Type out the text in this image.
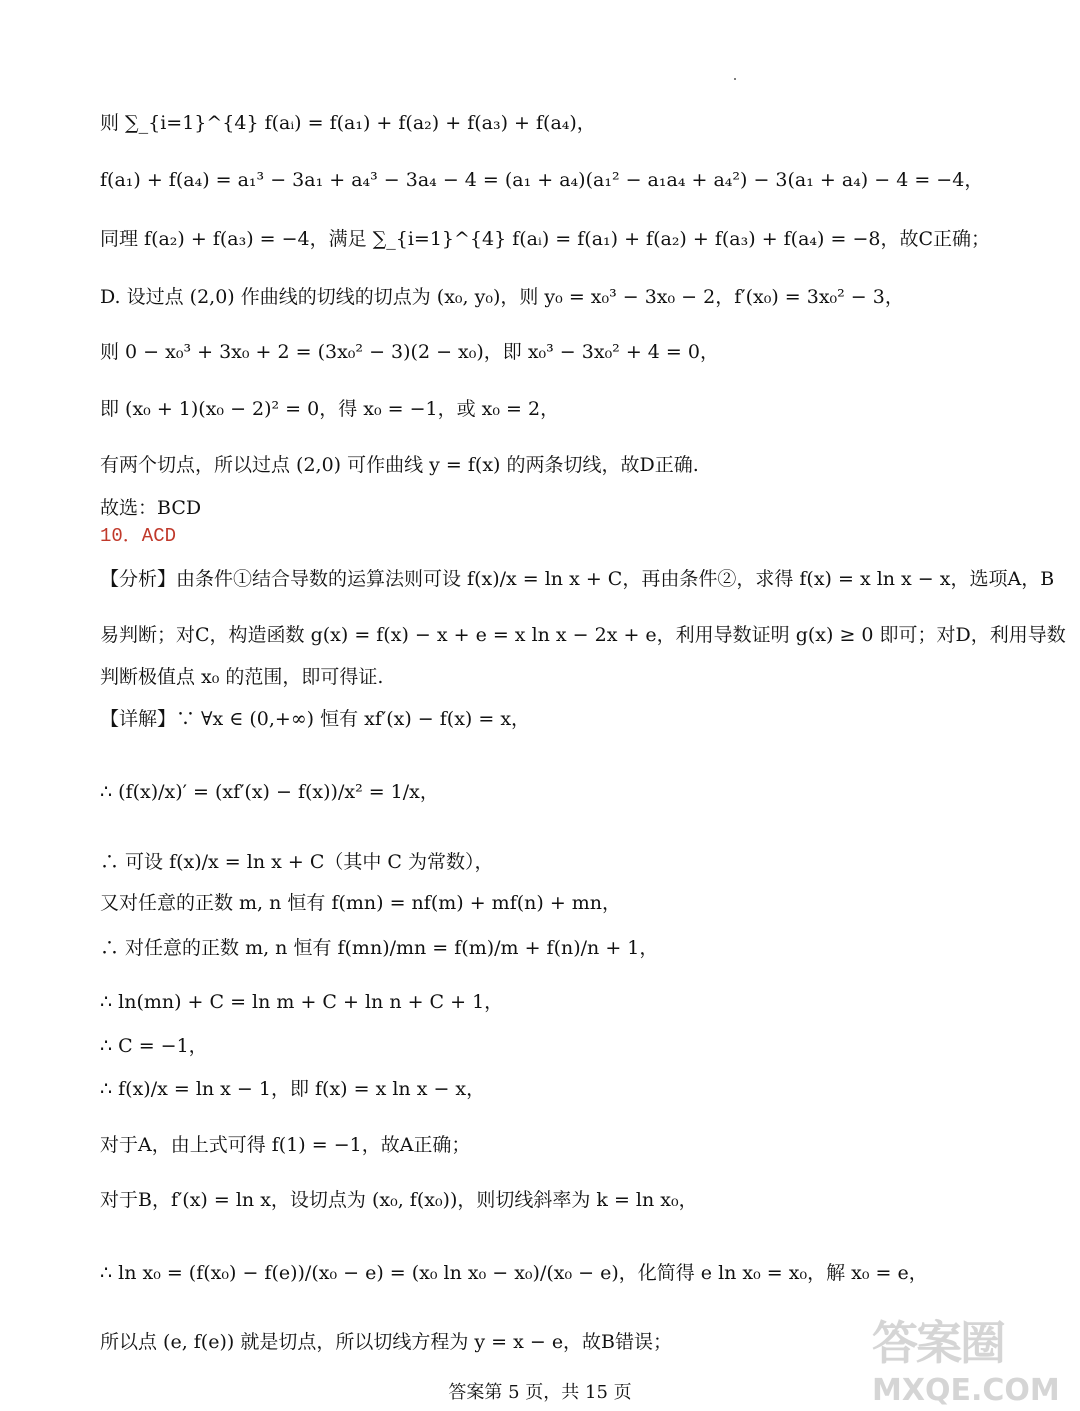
则 ∑_{i=1}^{4} f(aᵢ) = f(a₁) + f(a₂) + f(a₃) + f(a₄)，
f(a₁) + f(a₄) = a₁³ − 3a₁ + a₄³ − 3a₄ − 4 = (a₁ + a₄)(a₁² − a₁a₄ + a₄²) − 3(a₁ + a₄) − 4 = −4，
同理 f(a₂) + f(a₃) = −4，满足 ∑_{i=1}^{4} f(aᵢ) = f(a₁) + f(a₂) + f(a₃) + f(a₄) = −8，故C正确；
D. 设过点 (2,0) 作曲线的切线的切点为 (x₀, y₀)，则 y₀ = x₀³ − 3x₀ − 2，f′(x₀) = 3x₀² − 3，
则 0 − x₀³ + 3x₀ + 2 = (3x₀² − 3)(2 − x₀)，即 x₀³ − 3x₀² + 4 = 0，
即 (x₀ + 1)(x₀ − 2)² = 0，得 x₀ = −1，或 x₀ = 2，
有两个切点，所以过点 (2,0) 可作曲线 y = f(x) 的两条切线，故D正确.
故选：BCD
10．ACD
【分析】由条件①结合导数的运算法则可设 f(x)/x = ln x + C，再由条件②，求得 f(x) = x ln x − x，选项A，B
易判断；对C，构造函数 g(x) = f(x) − x + e = x ln x − 2x + e，利用导数证明 g(x) ≥ 0 即可；对D，利用导数
判断极值点 x₀ 的范围，即可得证.
【详解】∵ ∀x ∈ (0,+∞) 恒有 xf′(x) − f(x) = x，
∴ (f(x)/x)′ = (xf′(x) − f(x))/x² = 1/x，
∴ 可设 f(x)/x = ln x + C（其中 C 为常数），
又对任意的正数 m, n 恒有 f(mn) = nf(m) + mf(n) + mn，
∴ 对任意的正数 m, n 恒有 f(mn)/mn = f(m)/m + f(n)/n + 1，
∴ ln(mn) + C = ln m + C + ln n + C + 1，
∴ C = −1，
∴ f(x)/x = ln x − 1，即 f(x) = x ln x − x，
对于A，由上式可得 f(1) = −1，故A正确；
对于B，f′(x) = ln x，设切点为 (x₀, f(x₀))，则切线斜率为 k = ln x₀，
∴ ln x₀ = (f(x₀) − f(e))/(x₀ − e) = (x₀ ln x₀ − x₀)/(x₀ − e)，化简得 e ln x₀ = x₀，解 x₀ = e，
所以点 (e, f(e)) 就是切点，所以切线方程为 y = x − e，故B错误；
答案第 5 页，共 15 页
答案圈
MXQE.COM
